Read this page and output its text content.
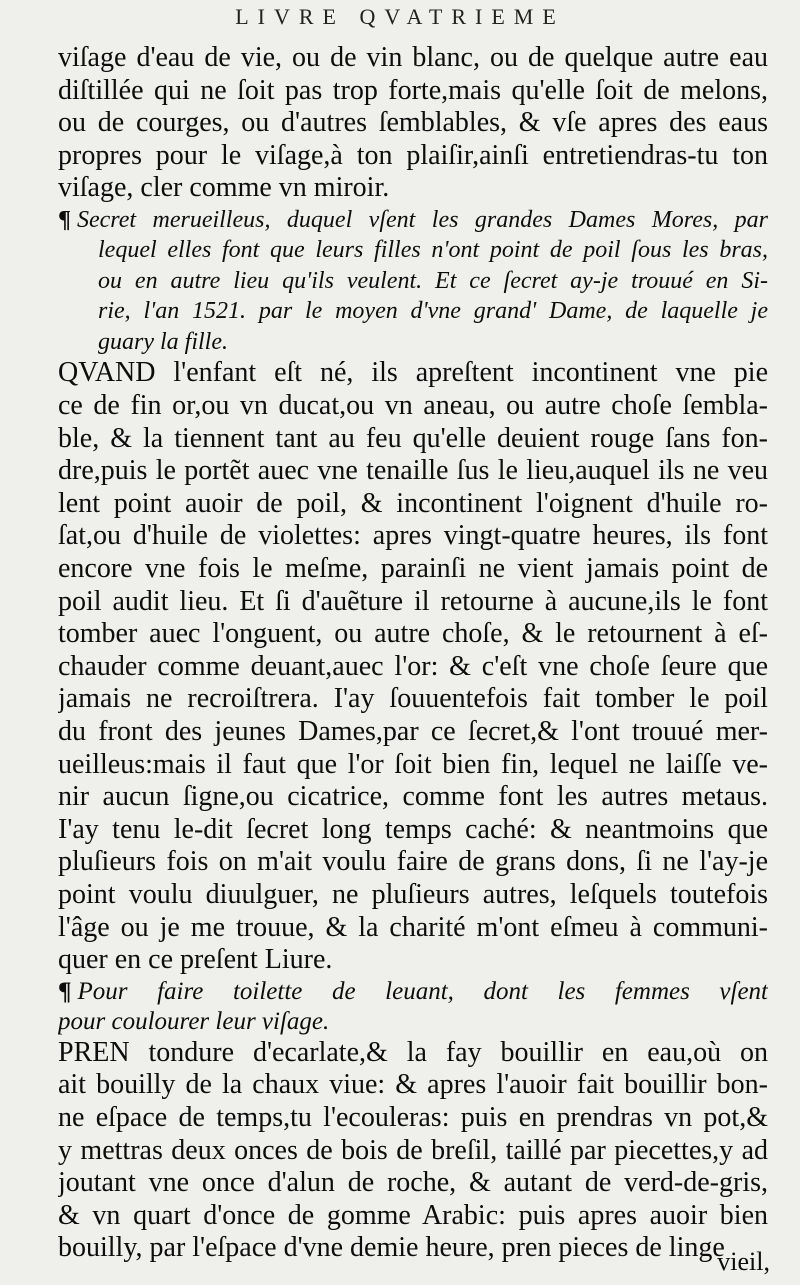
LIVRE QVATRIEME
viſage d'eau de vie, ou de vin blanc, ou de quelque autre eau
diſtillée qui ne ſoit pas trop forte,mais qu'elle ſoit de melons,
ou de courges, ou d'autres ſemblables, & vſe apres des eaus
propres pour le viſage,à ton plaiſir,ainſi entretiendras-tu ton
viſage, cler comme vn miroir.
¶ Secret merueilleus, duquel vſent les grandes Dames Mores, par
lequel elles font que leurs filles n'ont point de poil ſous les bras,
ou en autre lieu qu'ils veulent. Et ce ſecret ay-je trouué en Si-
rie, l'an 1521. par le moyen d'vne grand' Dame, de laquelle je
guary la fille.
QVAND l'enfant eſt né, ils apreſtent incontinent vne pie
ce de fin or,ou vn ducat,ou vn aneau, ou autre choſe ſembla-
ble, & la tiennent tant au feu qu'elle deuient rouge ſans fon-
dre,puis le portẽt auec vne tenaille ſus le lieu,auquel ils ne veu
lent point auoir de poil, & incontinent l'oignent d'huile ro-
ſat,ou d'huile de violettes: apres vingt-quatre heures, ils font
encore vne fois le meſme, parainſi ne vient jamais point de
poil audit lieu. Et ſi d'auẽture il retourne à aucune,ils le font
tomber auec l'onguent, ou autre choſe, & le retournent à eſ-
chauder comme deuant,auec l'or: & c'eſt vne choſe ſeure que
jamais ne recroiſtrera. I'ay ſouuentefois fait tomber le poil
du front des jeunes Dames,par ce ſecret,& l'ont trouué mer-
ueilleus:mais il faut que l'or ſoit bien fin, lequel ne laiſſe ve-
nir aucun ſigne,ou cicatrice, comme font les autres metaus.
I'ay tenu le-dit ſecret long temps caché: & neantmoins que
pluſieurs fois on m'ait voulu faire de grans dons, ſi ne l'ay-je
point voulu diuulguer, ne pluſieurs autres, leſquels toutefois
l'âge ou je me trouue, & la charité m'ont eſmeu à communi-
quer en ce preſent Liure.
¶ Pour faire toilette de leuant, dont les femmes vſent
pour coulourer leur viſage.
PREN tondure d'ecarlate,& la fay bouillir en eau,où on
ait bouilly de la chaux viue: & apres l'auoir fait bouillir bon-
ne eſpace de temps,tu l'ecouleras: puis en prendras vn pot,&
y mettras deux onces de bois de breſil, taillé par piecettes,y ad
joutant vne once d'alun de roche, & autant de verd-de-gris,
& vn quart d'once de gomme Arabic: puis apres auoir bien
bouilly, par l'eſpace d'vne demie heure, pren pieces de linge
vieil,
